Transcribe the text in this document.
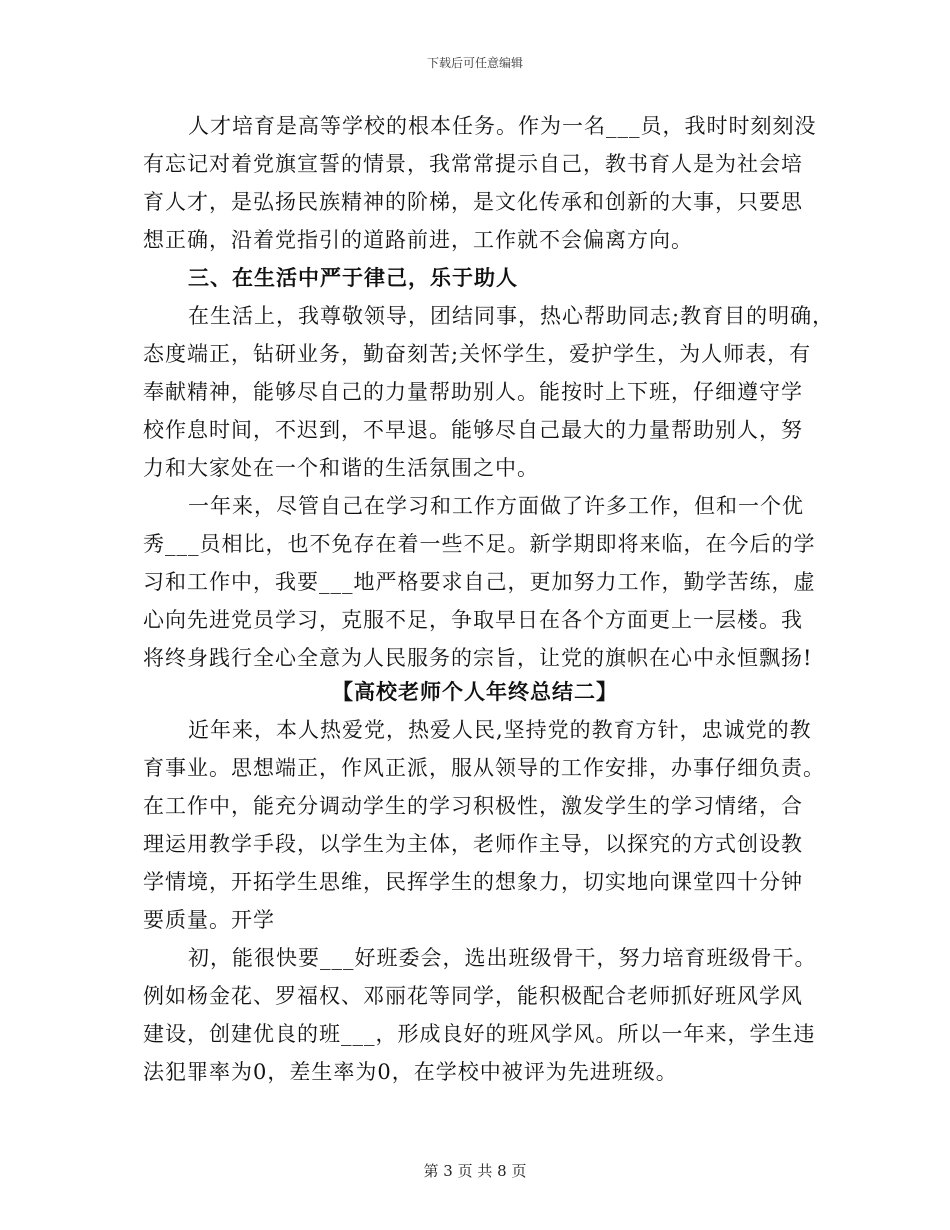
下载后可任意编辑
人才培育是高等学校的根本任务。作为一名___员，我时时刻刻没
有忘记对着党旗宣誓的情景，我常常提示自己，教书育人是为社会培
育人才，是弘扬民族精神的阶梯，是文化传承和创新的大事，只要思
想正确，沿着党指引的道路前进，工作就不会偏离方向。
三、在生活中严于律己，乐于助人
在生活上，我尊敬领导，团结同事，热心帮助同志;教育目的明确，
态度端正，钻研业务，勤奋刻苦;关怀学生，爱护学生，为人师表，有
奉献精神，能够尽自己的力量帮助别人。能按时上下班，仔细遵守学
校作息时间，不迟到，不早退。能够尽自己最大的力量帮助别人，努
力和大家处在一个和谐的生活氛围之中。
一年来，尽管自己在学习和工作方面做了许多工作，但和一个优
秀___员相比，也不免存在着一些不足。新学期即将来临，在今后的学
习和工作中，我要___地严格要求自己，更加努力工作，勤学苦练，虚
心向先进党员学习，克服不足，争取早日在各个方面更上一层楼。我
将终身践行全心全意为人民服务的宗旨，让党的旗帜在心中永恒飘扬!
【高校老师个人年终总结二】
近年来，本人热爱党，热爱人民,坚持党的教育方针，忠诚党的教
育事业。思想端正，作风正派，服从领导的工作安排，办事仔细负责。
在工作中，能充分调动学生的学习积极性，激发学生的学习情绪，合
理运用教学手段，以学生为主体，老师作主导，以探究的方式创设教
学情境，开拓学生思维，民挥学生的想象力，切实地向课堂四十分钟
要质量。开学
初，能很快要___好班委会，选出班级骨干，努力培育班级骨干。
例如杨金花、罗福权、邓丽花等同学，能积极配合老师抓好班风学风
建设，创建优良的班___，形成良好的班风学风。所以一年来，学生违
法犯罪率为0，差生率为0，在学校中被评为先进班级。
第 3 页 共 8 页
